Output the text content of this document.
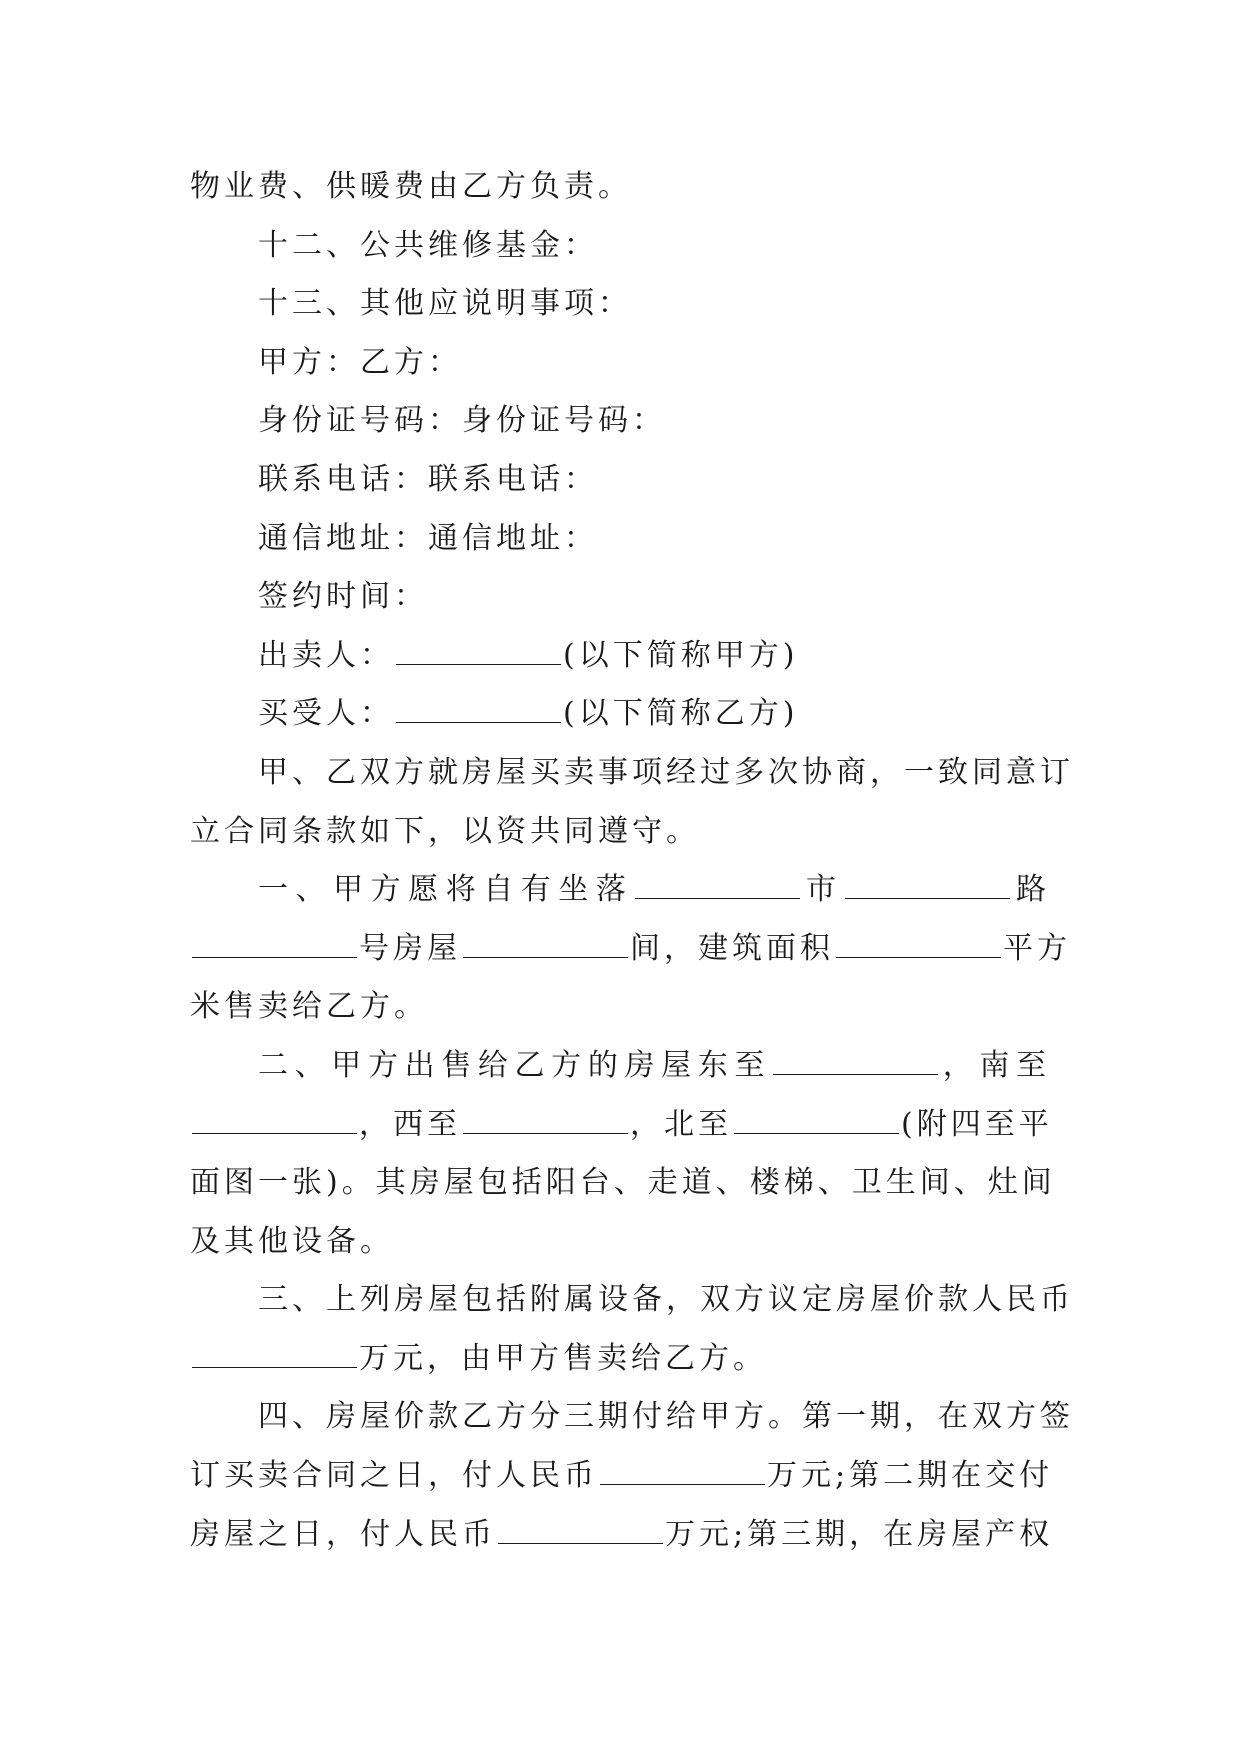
物业费、供暖费由乙方负责。
十二、公共维修基金：
十三、其他应说明事项：
甲方：乙方：
身份证号码：身份证号码：
联系电话：联系电话：
通信地址：通信地址：
签约时间：
出卖人：	(以下简称甲方)
买受人：	(以下简称乙方)
甲、乙双方就房屋买卖事项经过多次协商，一致同意订
立合同条款如下，以资共同遵守。
一、甲方愿将自有坐落	市	路
号房屋	间，建筑面积	平方
米售卖给乙方。
二、甲方出售给乙方的房屋东至	，南至
，西至	，北至	(附四至平
面图一张)。其房屋包括阳台、走道、楼梯、卫生间、灶间
及其他设备。
三、上列房屋包括附属设备，双方议定房屋价款人民币
万元，由甲方售卖给乙方。
四、房屋价款乙方分三期付给甲方。第一期，在双方签
订买卖合同之日，付人民币	万元;第二期在交付
房屋之日，付人民币	万元;第三期，在房屋产权
